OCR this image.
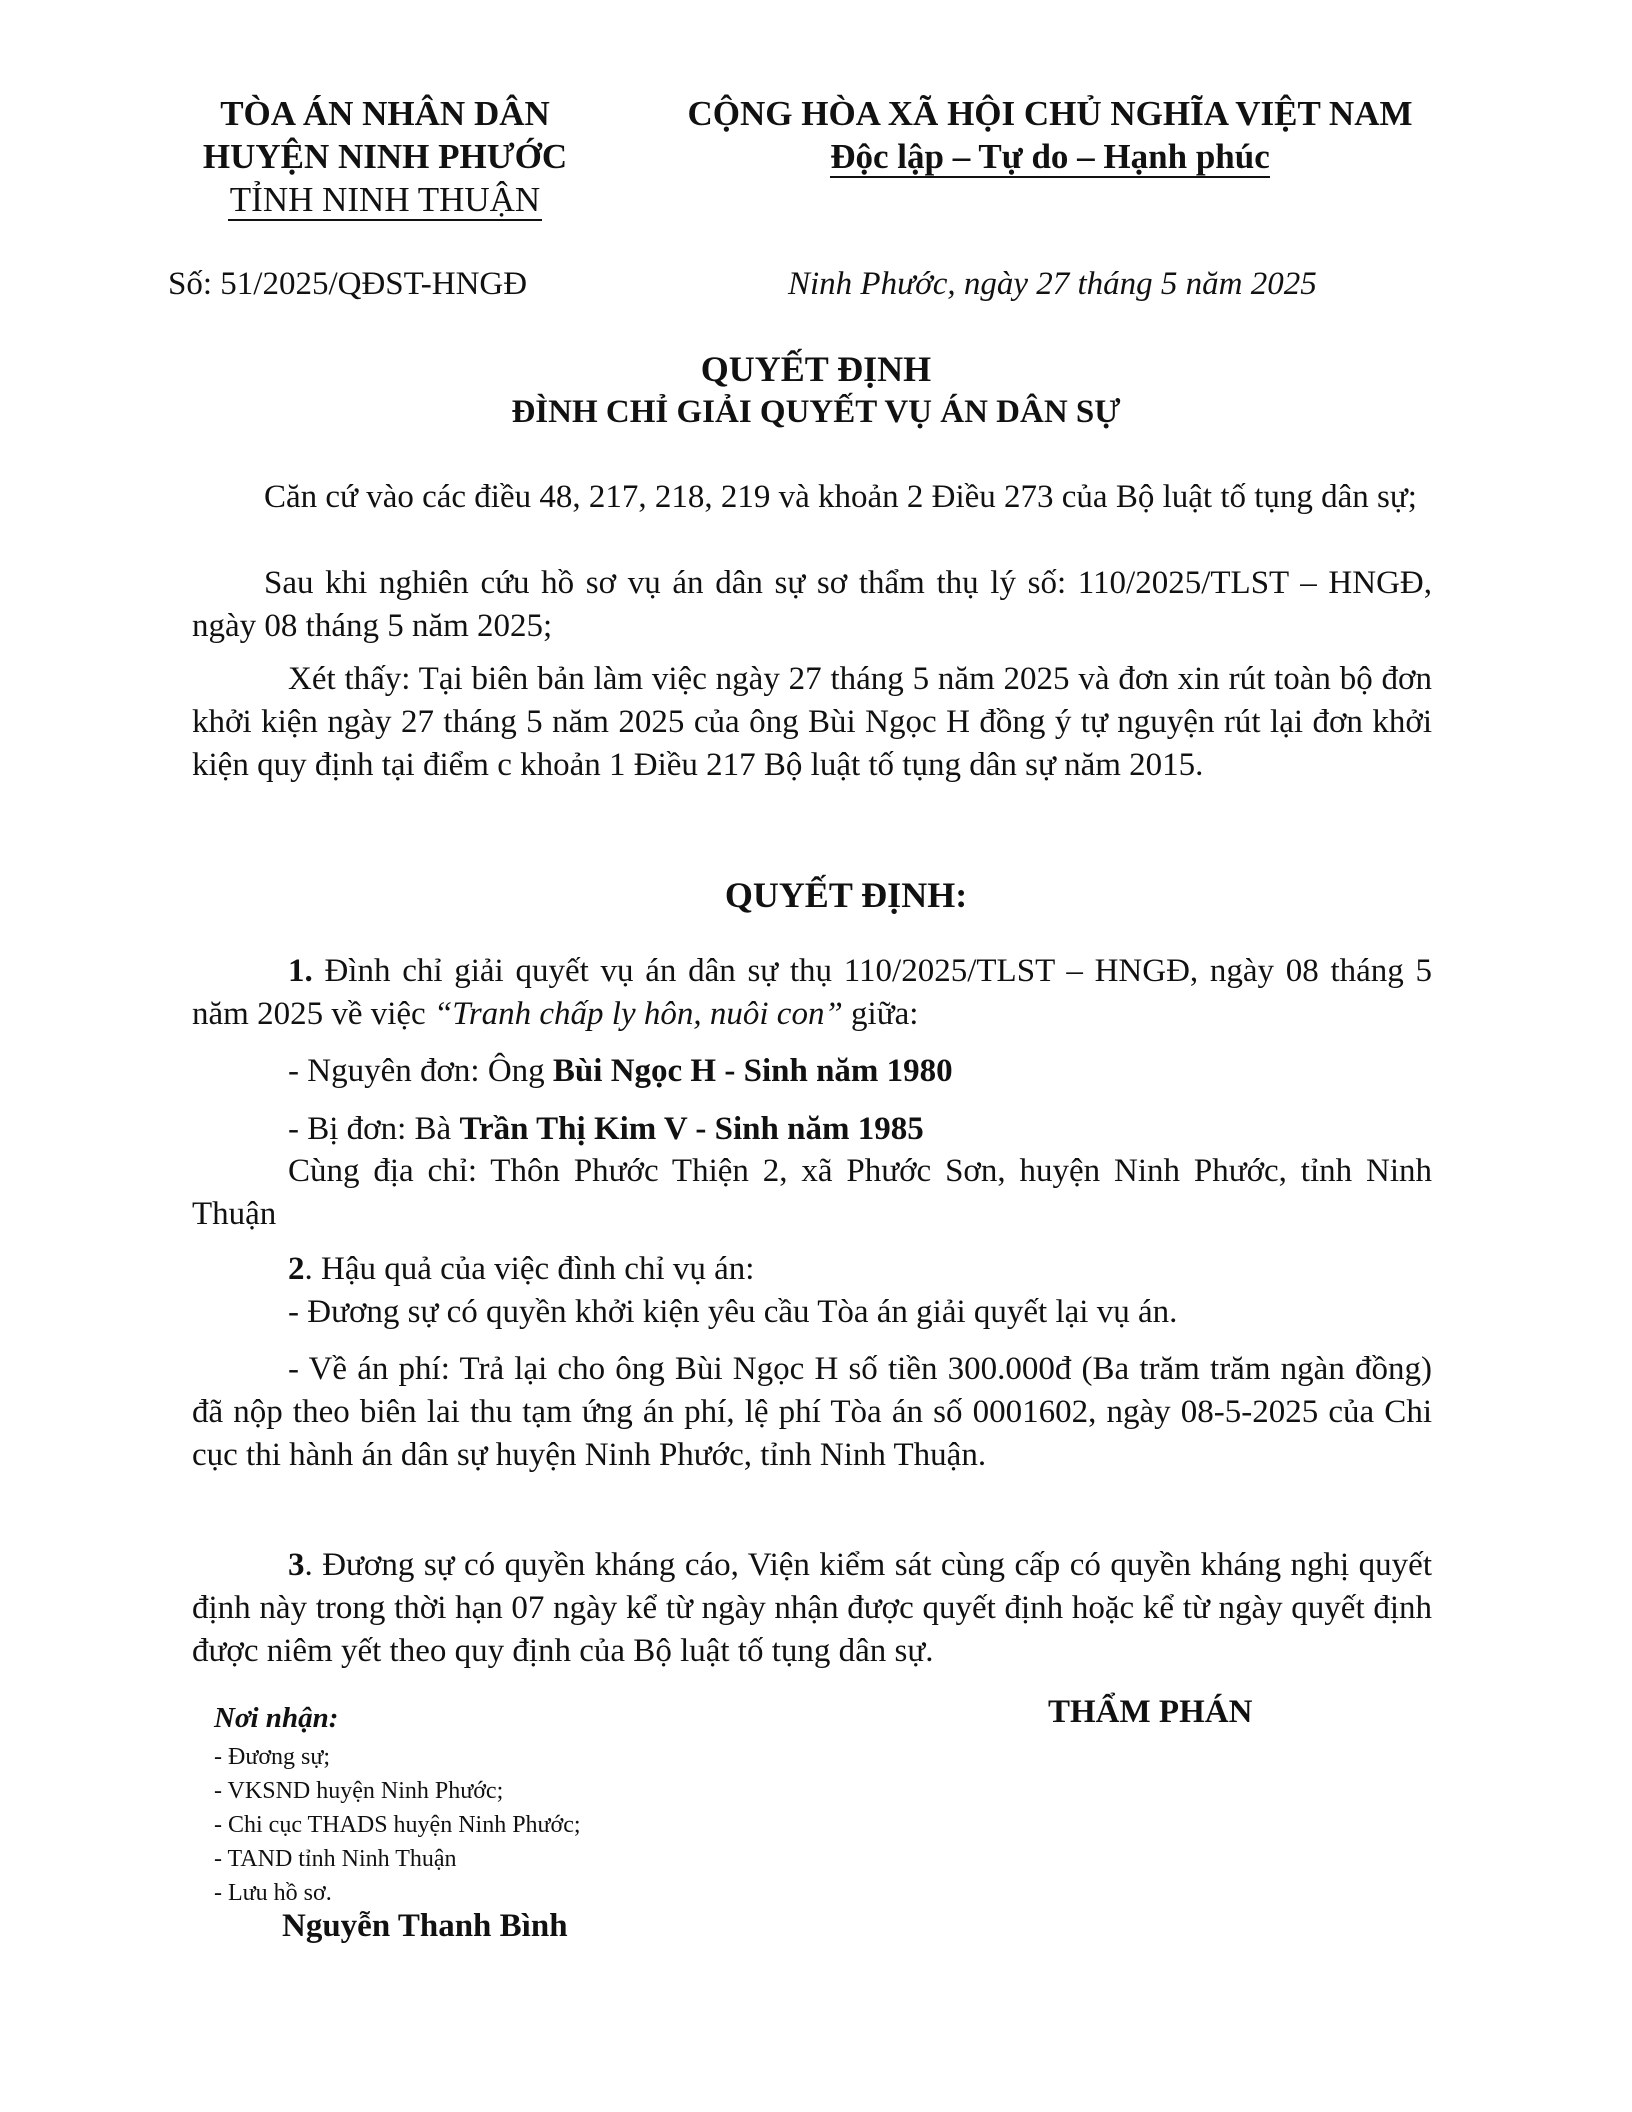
TÒA ÁN NHÂN DÂN
HUYỆN NINH PHƯỚC
TỈNH NINH THUẬN
CỘNG HÒA XÃ HỘI CHỦ NGHĨA VIỆT NAM
Độc lập – Tự do – Hạnh phúc
Số: 51/2025/QĐST-HNGĐ	Ninh Phước, ngày 27 tháng 5 năm 2025
QUYẾT ĐỊNH
ĐÌNH CHỈ GIẢI QUYẾT VỤ ÁN DÂN SỰ
Căn cứ vào các điều 48, 217, 218, 219 và khoản 2 Điều 273 của Bộ luật tố tụng dân sự;
Sau khi nghiên cứu hồ sơ vụ án dân sự sơ thẩm thụ lý số: 110/2025/TLST – HNGĐ, ngày 08 tháng 5 năm 2025;
Xét thấy: Tại biên bản làm việc ngày 27 tháng 5 năm 2025 và đơn xin rút toàn bộ đơn khởi kiện ngày 27 tháng 5 năm 2025 của ông Bùi Ngọc H đồng ý tự nguyện rút lại đơn khởi kiện quy định tại điểm c khoản 1 Điều 217 Bộ luật tố tụng dân sự năm 2015.
QUYẾT ĐỊNH:
1. Đình chỉ giải quyết vụ án dân sự thụ 110/2025/TLST – HNGĐ, ngày 08 tháng 5 năm 2025 về việc “Tranh chấp ly hôn, nuôi con” giữa:
- Nguyên đơn: Ông Bùi Ngọc H - Sinh năm 1980
- Bị đơn: Bà Trần Thị Kim V - Sinh năm 1985
Cùng địa chỉ: Thôn Phước Thiện 2, xã Phước Sơn, huyện Ninh Phước, tỉnh Ninh Thuận
2. Hậu quả của việc đình chỉ vụ án:
- Đương sự có quyền khởi kiện yêu cầu Tòa án giải quyết lại vụ án.
- Về án phí: Trả lại cho ông Bùi Ngọc H số tiền 300.000đ (Ba trăm trăm ngàn đồng) đã nộp theo biên lai thu tạm ứng án phí, lệ phí Tòa án số 0001602, ngày 08-5-2025 của Chi cục thi hành án dân sự huyện Ninh Phước, tỉnh Ninh Thuận.
3. Đương sự có quyền kháng cáo, Viện kiểm sát cùng cấp có quyền kháng nghị quyết định này trong thời hạn 07 ngày kể từ ngày nhận được quyết định hoặc kể từ ngày quyết định được niêm yết theo quy định của Bộ luật tố tụng dân sự.
Nơi nhận:
- Đương sự;
- VKSND huyện Ninh Phước;
- Chi cục THADS huyện Ninh Phước;
- TAND tỉnh Ninh Thuận
- Lưu hồ sơ.
THẨM PHÁN
Nguyễn Thanh Bình
